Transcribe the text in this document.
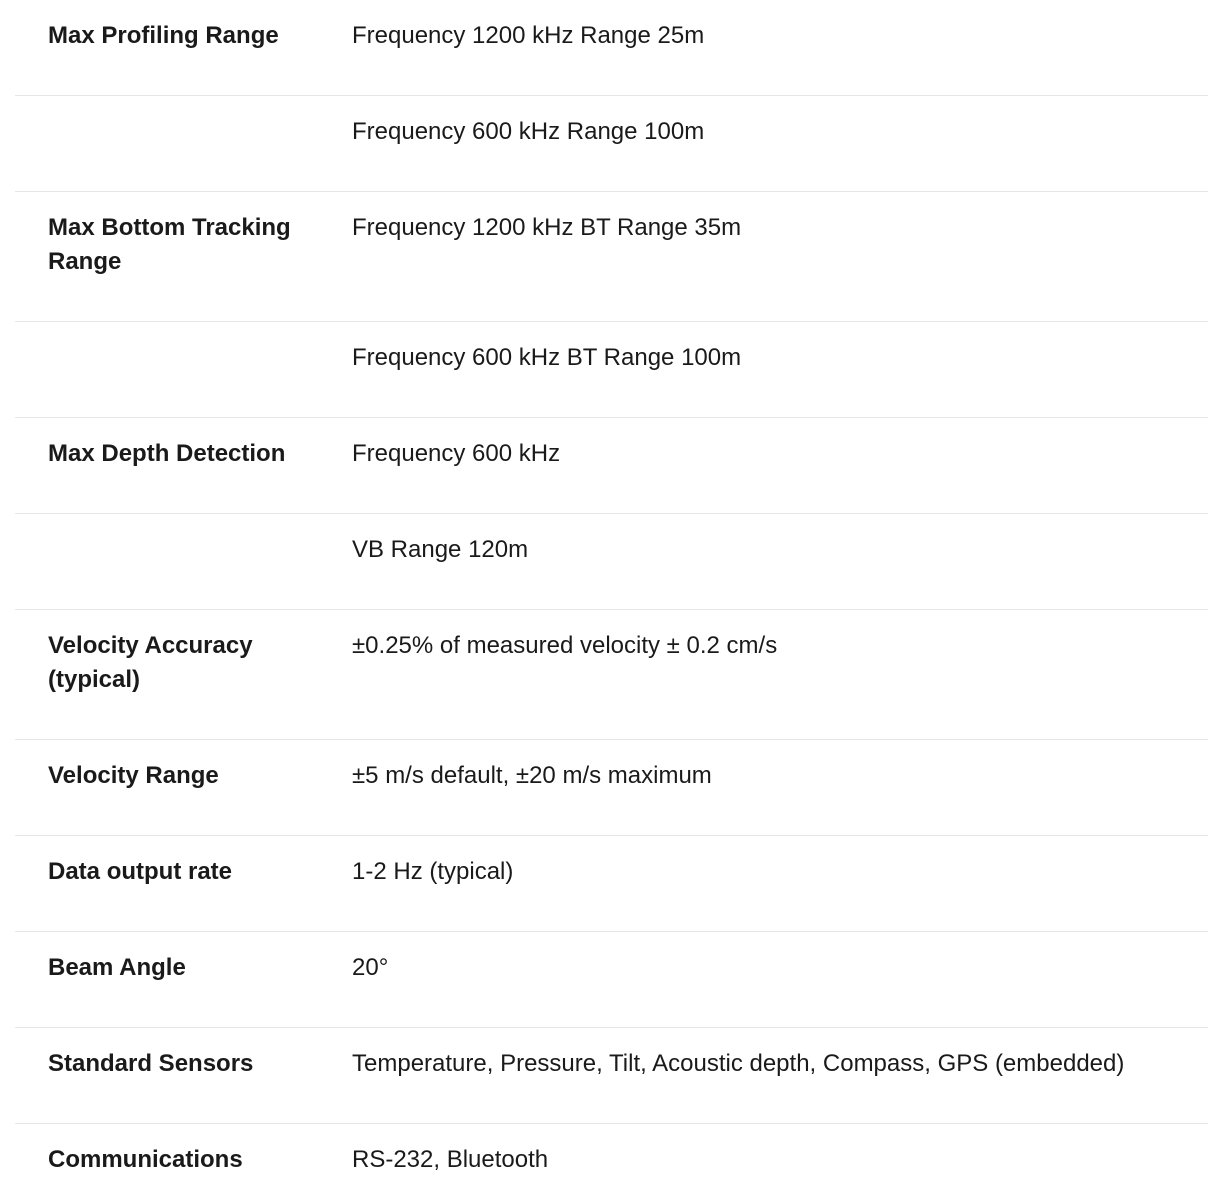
Max Profiling Range	Frequency 1200 kHz Range 25m
	Frequency 600 kHz Range 100m
Max Bottom Tracking Range	Frequency 1200 kHz BT Range 35m
	Frequency 600 kHz BT Range 100m
Max Depth Detection	Frequency 600 kHz
	VB Range 120m
Velocity Accuracy (typical)	±0.25% of measured velocity ± 0.2 cm/s
Velocity Range	±5 m/s default, ±20 m/s maximum
Data output rate	1-2 Hz (typical)
Beam Angle	20°
Standard Sensors	Temperature, Pressure, Tilt, Acoustic depth, Compass, GPS (embedded)
Communications	RS-232, Bluetooth
